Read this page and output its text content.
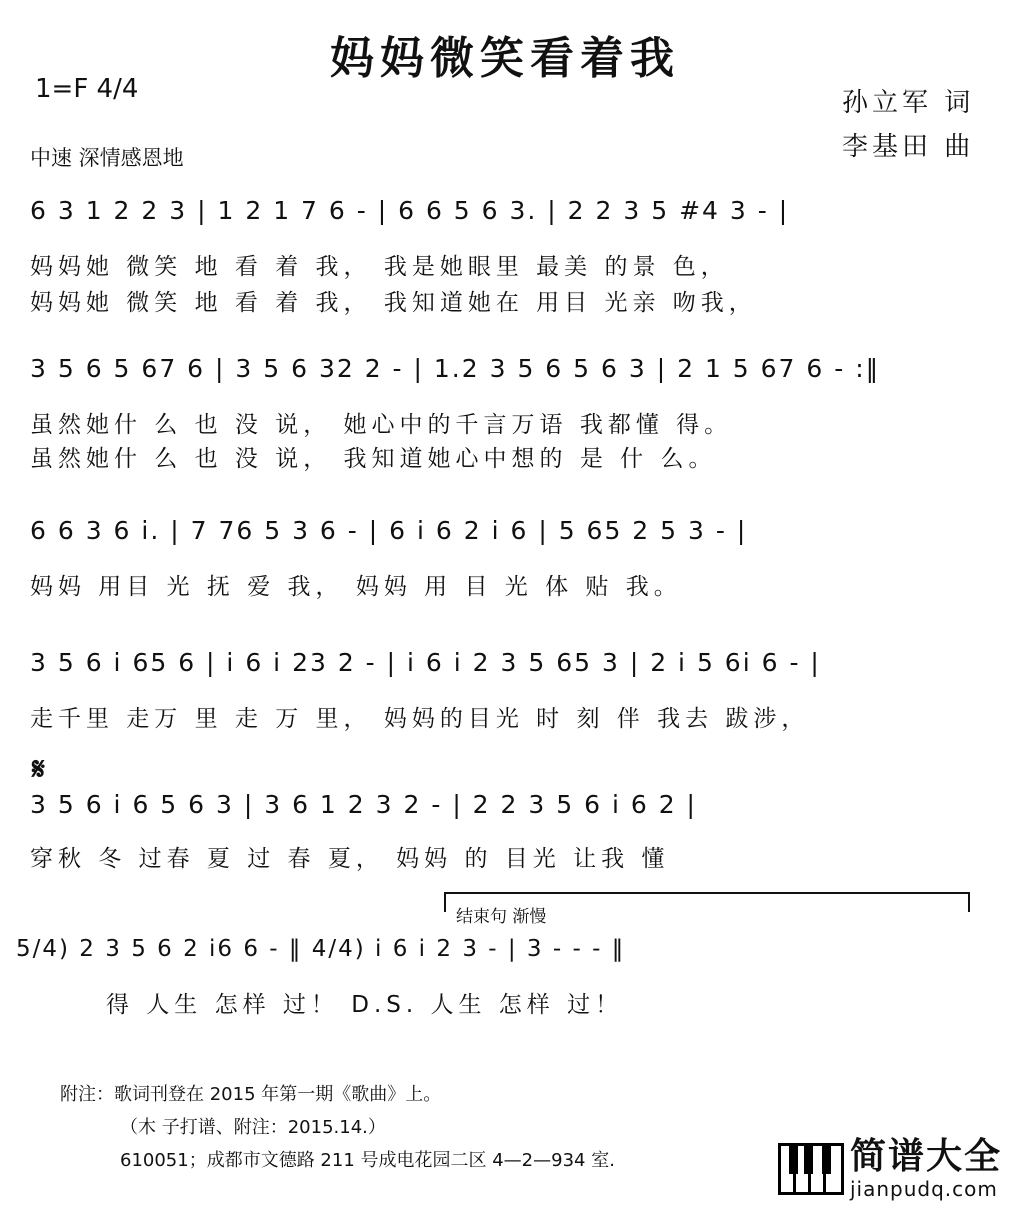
妈妈微笑看着我
1=F 4/4
中速 深情感恩地
孙立军 词
李基田 曲
6 3 1 2 2 3 | 1 2 1 7 6 - | 6 6 5 6 3. | 2 2 3 5 #4 3 - |
妈妈她 微笑 地 看 着 我， 我是她眼里 最美 的景 色，
妈妈她 微笑 地 看 着 我， 我知道她在 用目 光亲 吻我，
3 5 6 5 67 6 | 3 5 6 32 2 - | 1.2 3 5 6 5 6 3 | 2 1 5 67 6 - :‖
虽然她什 么 也 没 说， 她心中的千言万语 我都懂 得。
虽然她什 么 也 没 说， 我知道她心中想的 是 什 么。
6 6 3 6 i. | 7 76 5 3 6 - | 6 i 6 2 i 6 | 5 65 2 5 3 - |
妈妈 用目 光 抚 爱 我， 妈妈 用 目 光 体 贴 我。
3 5 6 i 65 6 | i 6 i 23 2 - | i 6 i 2 3 5 65 3 | 2 i 5 6i 6 - |
走千里 走万 里 走 万 里， 妈妈的目光 时 刻 伴 我去 跋涉，
𝄋
3 5 6 i 6 5 6 3 | 3 6 1 2 3 2 - | 2 2 3 5 6 i 6 2 |
穿秋 冬 过春 夏 过 春 夏， 妈妈 的 目光 让我 懂
结束句 渐慢
5/4) 2 3 5 6 2 i6 6 - ‖ 4/4) i 6 i 2 3 - | 3 - - - ‖
得 人生 怎样 过！ D.S. 人生 怎样 过！
附注：歌词刊登在 2015 年第一期《歌曲》上。
（木 子打谱、附注：2015.14.）
610051；成都市文德路 211 号成电花园二区 4—2—934 室.	简谱大全
jianpudq.com
